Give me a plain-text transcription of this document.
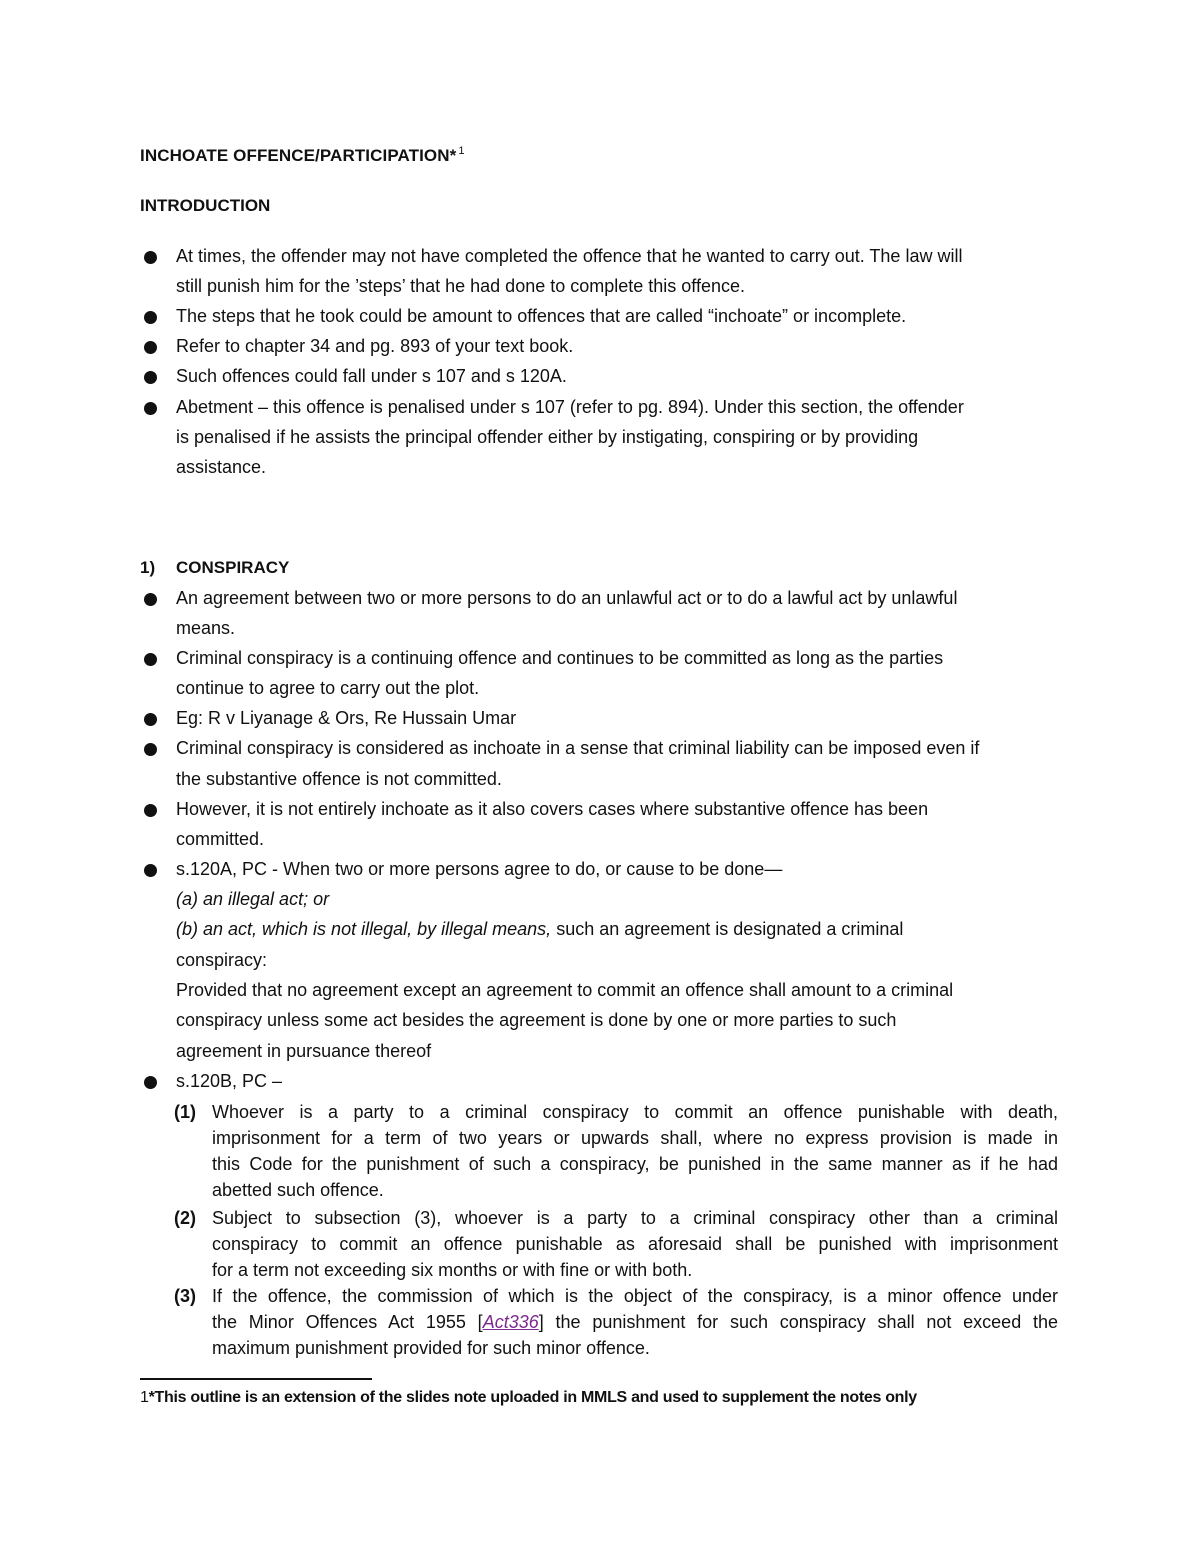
INCHOATE OFFENCE/PARTICIPATION* $^1$
INTRODUCTION
At times, the offender may not have completed the offence that he wanted to carry out. The law will
still punish him for the ’steps’ that he had done to complete this offence.
The steps that he took could be amount to offences that are called “inchoate” or incomplete.
Refer to chapter 34 and pg. 893 of your text book.
Such offences could fall under s 107 and s 120A.
Abetment – this offence is penalised under s 107 (refer to pg. 894). Under this section, the offender
is penalised if he assists the principal offender either by instigating, conspiring or by providing
assistance.
1) CONSPIRACY
An agreement between two or more persons to do an unlawful act or to do a lawful act by unlawful
means.
Criminal conspiracy is a continuing offence and continues to be committed as long as the parties
continue to agree to carry out the plot.
Eg: R v Liyanage & Ors, Re Hussain Umar
Criminal conspiracy is considered as inchoate in a sense that criminal liability can be imposed even if
the substantive offence is not committed.
However, it is not entirely inchoate as it also covers cases where substantive offence has been
committed.
s.120A, PC - When two or more persons agree to do, or cause to be done—
(a) an illegal act; or
(b) an act, which is not illegal, by illegal means, such an agreement is designated a criminal
conspiracy:
Provided that no agreement except an agreement to commit an offence shall amount to a criminal
conspiracy unless some act besides the agreement is done by one or more parties to such
agreement in pursuance thereof
s.120B, PC –
(1) Whoever is a party to a criminal conspiracy to commit an offence punishable with death,
imprisonment for a term of two years or upwards shall, where no express provision is made in
this Code for the punishment of such a conspiracy, be punished in the same manner as if he had
abetted such offence.
(2) Subject to subsection (3), whoever is a party to a criminal conspiracy other than a criminal
conspiracy to commit an offence punishable as aforesaid shall be punished with imprisonment
for a term not exceeding six months or with fine or with both.
(3) If the offence, the commission of which is the object of the conspiracy, is a minor offence under
the Minor Offences Act 1955 [Act336] the punishment for such conspiracy shall not exceed the
maximum punishment provided for such minor offence.
1*This outline is an extension of the slides note uploaded in MMLS and used to supplement the notes only
